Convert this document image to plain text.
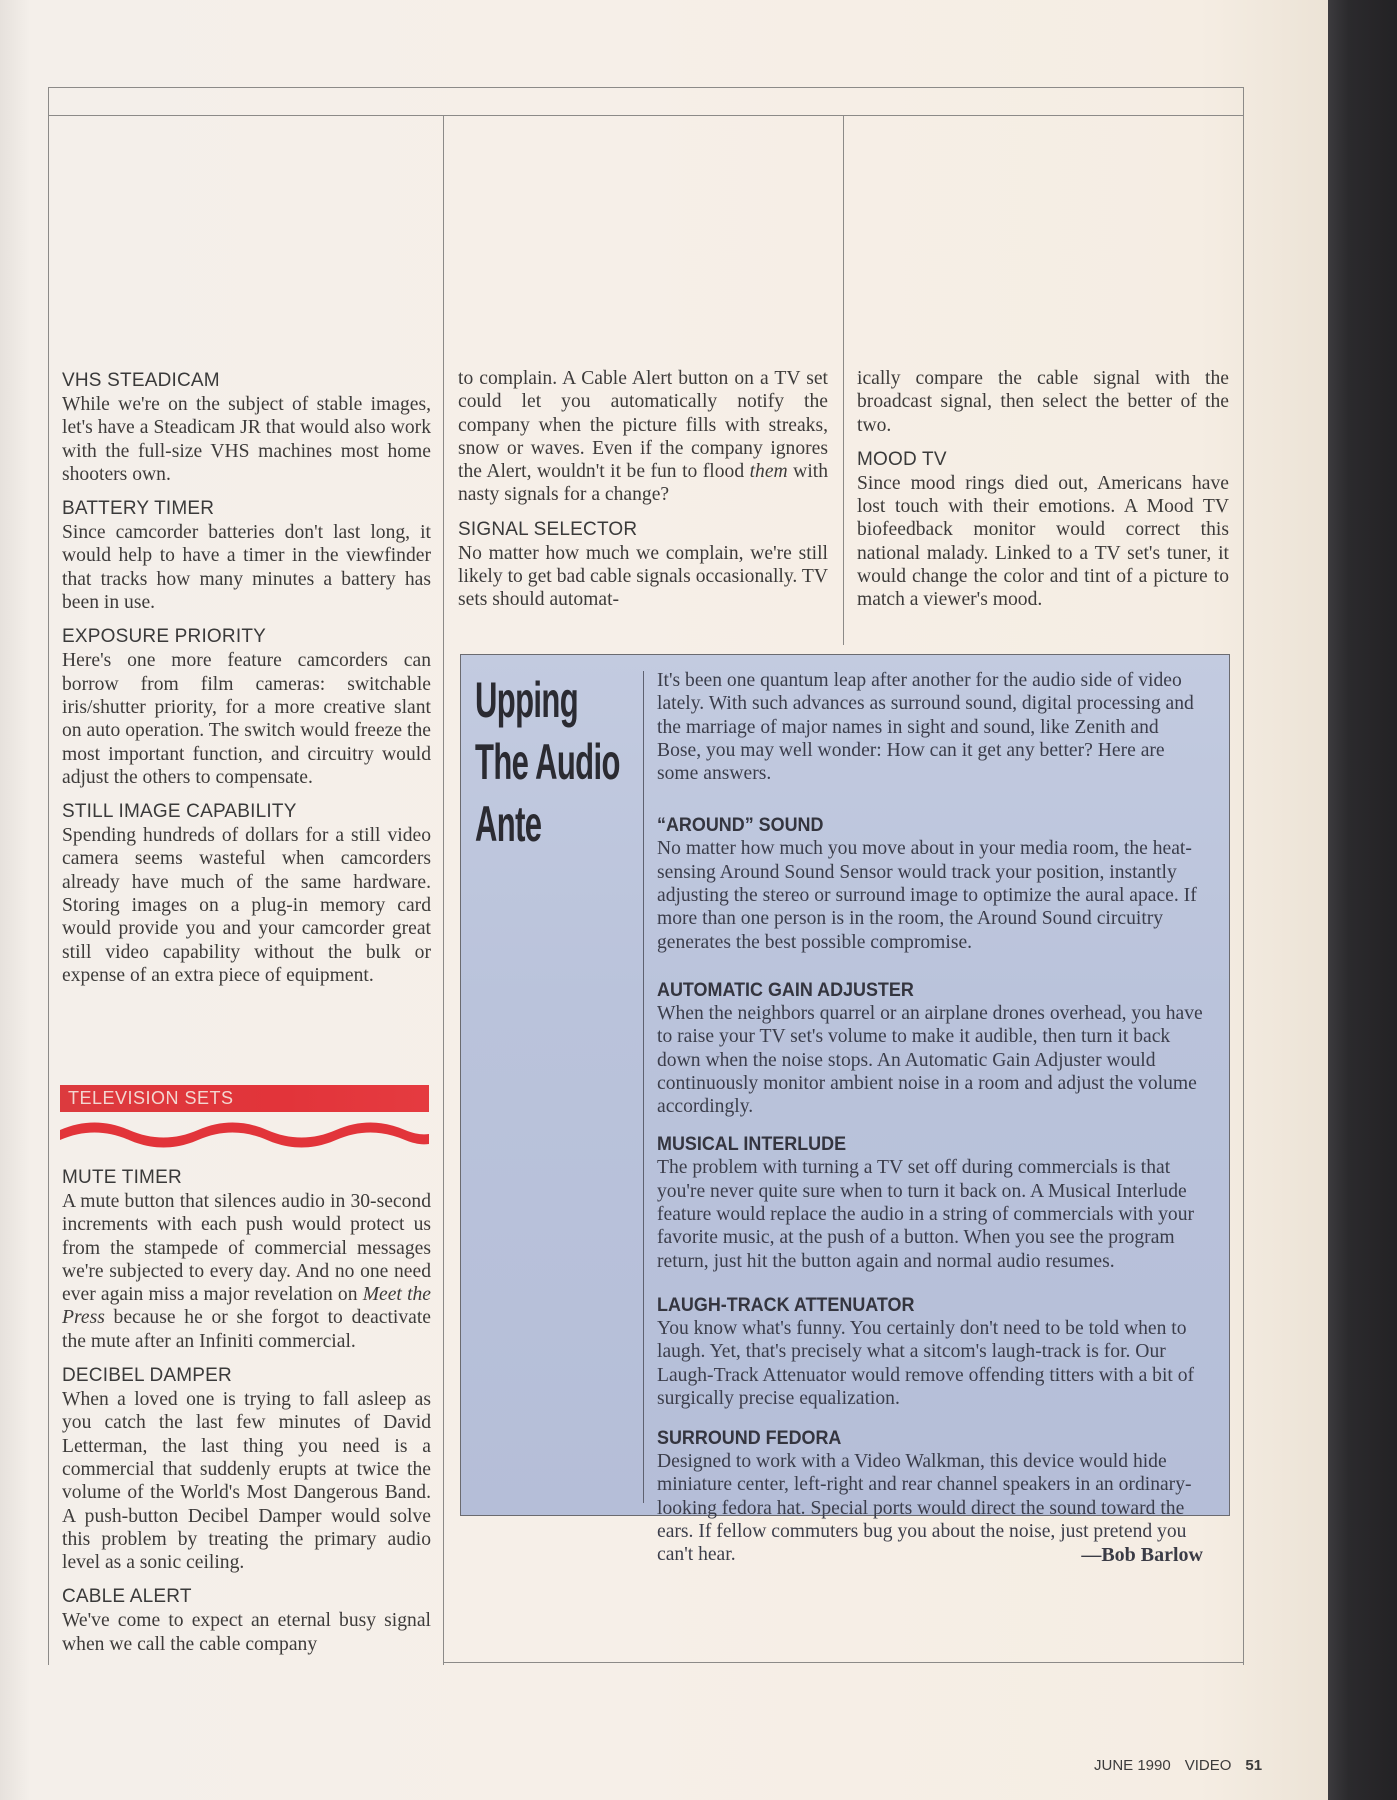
VHS STEADICAM

While we're on the subject of stable images, let's have a Steadicam JR that would also work with the full-size VHS machines most home shooters own.

BATTERY TIMER

Since camcorder batteries don't last long, it would help to have a timer in the viewfinder that tracks how many minutes a battery has been in use.

EXPOSURE PRIORITY

Here's one more feature camcorders can borrow from film cameras: switchable iris/shutter priority, for a more creative slant on auto operation. The switch would freeze the most important function, and circuitry would adjust the others to compensate.

STILL IMAGE CAPABILITY

Spending hundreds of dollars for a still video camera seems wasteful when camcorders already have much of the same hardware. Storing images on a plug-in memory card would provide you and your camcorder great still video capability without the bulk or expense of an extra piece of equipment.

TELEVISION SETS
MUTE TIMER

A mute button that silences audio in 30-second increments with each push would protect us from the stampede of commercial messages we're subjected to every day. And no one need ever again miss a major revelation on Meet the Press because he or she forgot to deactivate the mute after an Infiniti commercial.

DECIBEL DAMPER

When a loved one is trying to fall asleep as you catch the last few minutes of David Letterman, the last thing you need is a commercial that suddenly erupts at twice the volume of the World's Most Dangerous Band. A push-button Decibel Damper would solve this problem by treating the primary audio level as a sonic ceiling.

CABLE ALERT

We've come to expect an eternal busy signal when we call the cable company

to complain. A Cable Alert button on a TV set could let you automatically notify the company when the picture fills with streaks, snow or waves. Even if the company ignores the Alert, wouldn't it be fun to flood them with nasty signals for a change?

SIGNAL SELECTOR

No matter how much we complain, we're still likely to get bad cable signals occasionally. TV sets should automat-

ically compare the cable signal with the broadcast signal, then select the better of the two.

MOOD TV

Since mood rings died out, Americans have lost touch with their emotions. A Mood TV biofeedback monitor would correct this national malady. Linked to a TV set's tuner, it would change the color and tint of a picture to match a viewer's mood.

Upping
The Audio
Ante

It's been one quantum leap after another for the audio side of video lately. With such advances as surround sound, digital processing and the marriage of major names in sight and sound, like Zenith and Bose, you may well wonder: How can it get any better? Here are some answers.

“AROUND” SOUND

No matter how much you move about in your media room, the heat-sensing Around Sound Sensor would track your position, instantly adjusting the stereo or surround image to optimize the aural apace. If more than one person is in the room, the Around Sound circuitry generates the best possible compromise.

AUTOMATIC GAIN ADJUSTER

When the neighbors quarrel or an airplane drones overhead, you have to raise your TV set's volume to make it audible, then turn it back down when the noise stops. An Automatic Gain Adjuster would continuously monitor ambient noise in a room and adjust the volume accordingly.

MUSICAL INTERLUDE

The problem with turning a TV set off during commercials is that you're never quite sure when to turn it back on. A Musical Interlude feature would replace the audio in a string of commercials with your favorite music, at the push of a button. When you see the program return, just hit the button again and normal audio resumes.

LAUGH-TRACK ATTENUATOR

You know what's funny. You certainly don't need to be told when to laugh. Yet, that's precisely what a sitcom's laugh-track is for. Our Laugh-Track Attenuator would remove offending titters with a bit of surgically precise equalization.

SURROUND FEDORA

Designed to work with a Video Walkman, this device would hide miniature center, left-right and rear channel speakers in an ordinary-looking fedora hat. Special ports would direct the sound toward the ears. If fellow commuters bug you about the noise, just pretend you can't hear.	—Bob Barlow
JUNE 1990 VIDEO 51
